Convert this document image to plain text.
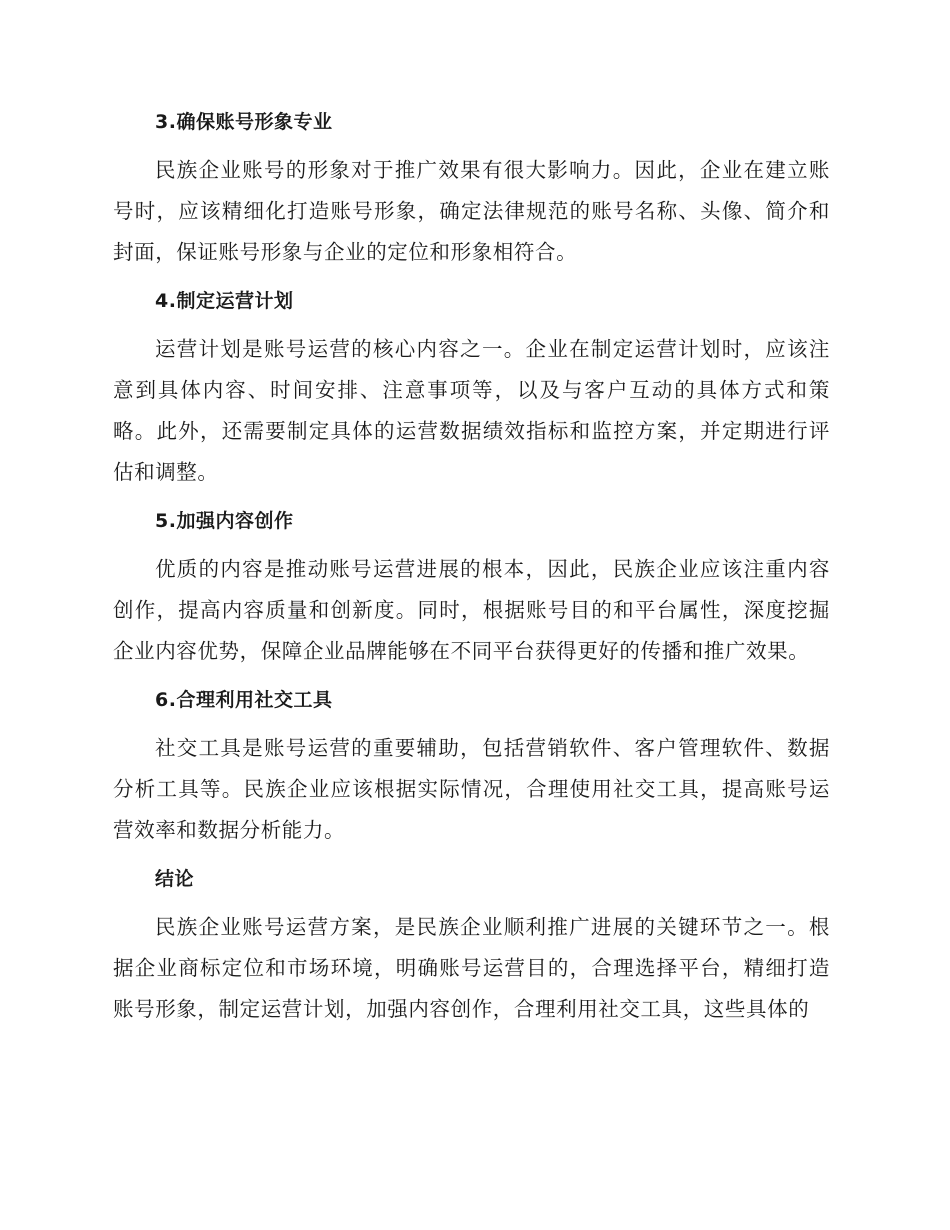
3.确保账号形象专业

民族企业账号的形象对于推广效果有很大影响力。因此，企业在建立账号时，应该精细化打造账号形象，确定法律规范的账号名称、头像、简介和封面，保证账号形象与企业的定位和形象相符合。

4.制定运营计划

运营计划是账号运营的核心内容之一。企业在制定运营计划时，应该注意到具体内容、时间安排、注意事项等，以及与客户互动的具体方式和策略。此外，还需要制定具体的运营数据绩效指标和监控方案，并定期进行评估和调整。

5.加强内容创作

优质的内容是推动账号运营进展的根本，因此，民族企业应该注重内容创作，提高内容质量和创新度。同时，根据账号目的和平台属性，深度挖掘企业内容优势，保障企业品牌能够在不同平台获得更好的传播和推广效果。

6.合理利用社交工具

社交工具是账号运营的重要辅助，包括营销软件、客户管理软件、数据分析工具等。民族企业应该根据实际情况，合理使用社交工具，提高账号运营效率和数据分析能力。

结论

民族企业账号运营方案，是民族企业顺利推广进展的关键环节之一。根据企业商标定位和市场环境，明确账号运营目的，合理选择平台，精细打造账号形象，制定运营计划，加强内容创作，合理利用社交工具，这些具体的
